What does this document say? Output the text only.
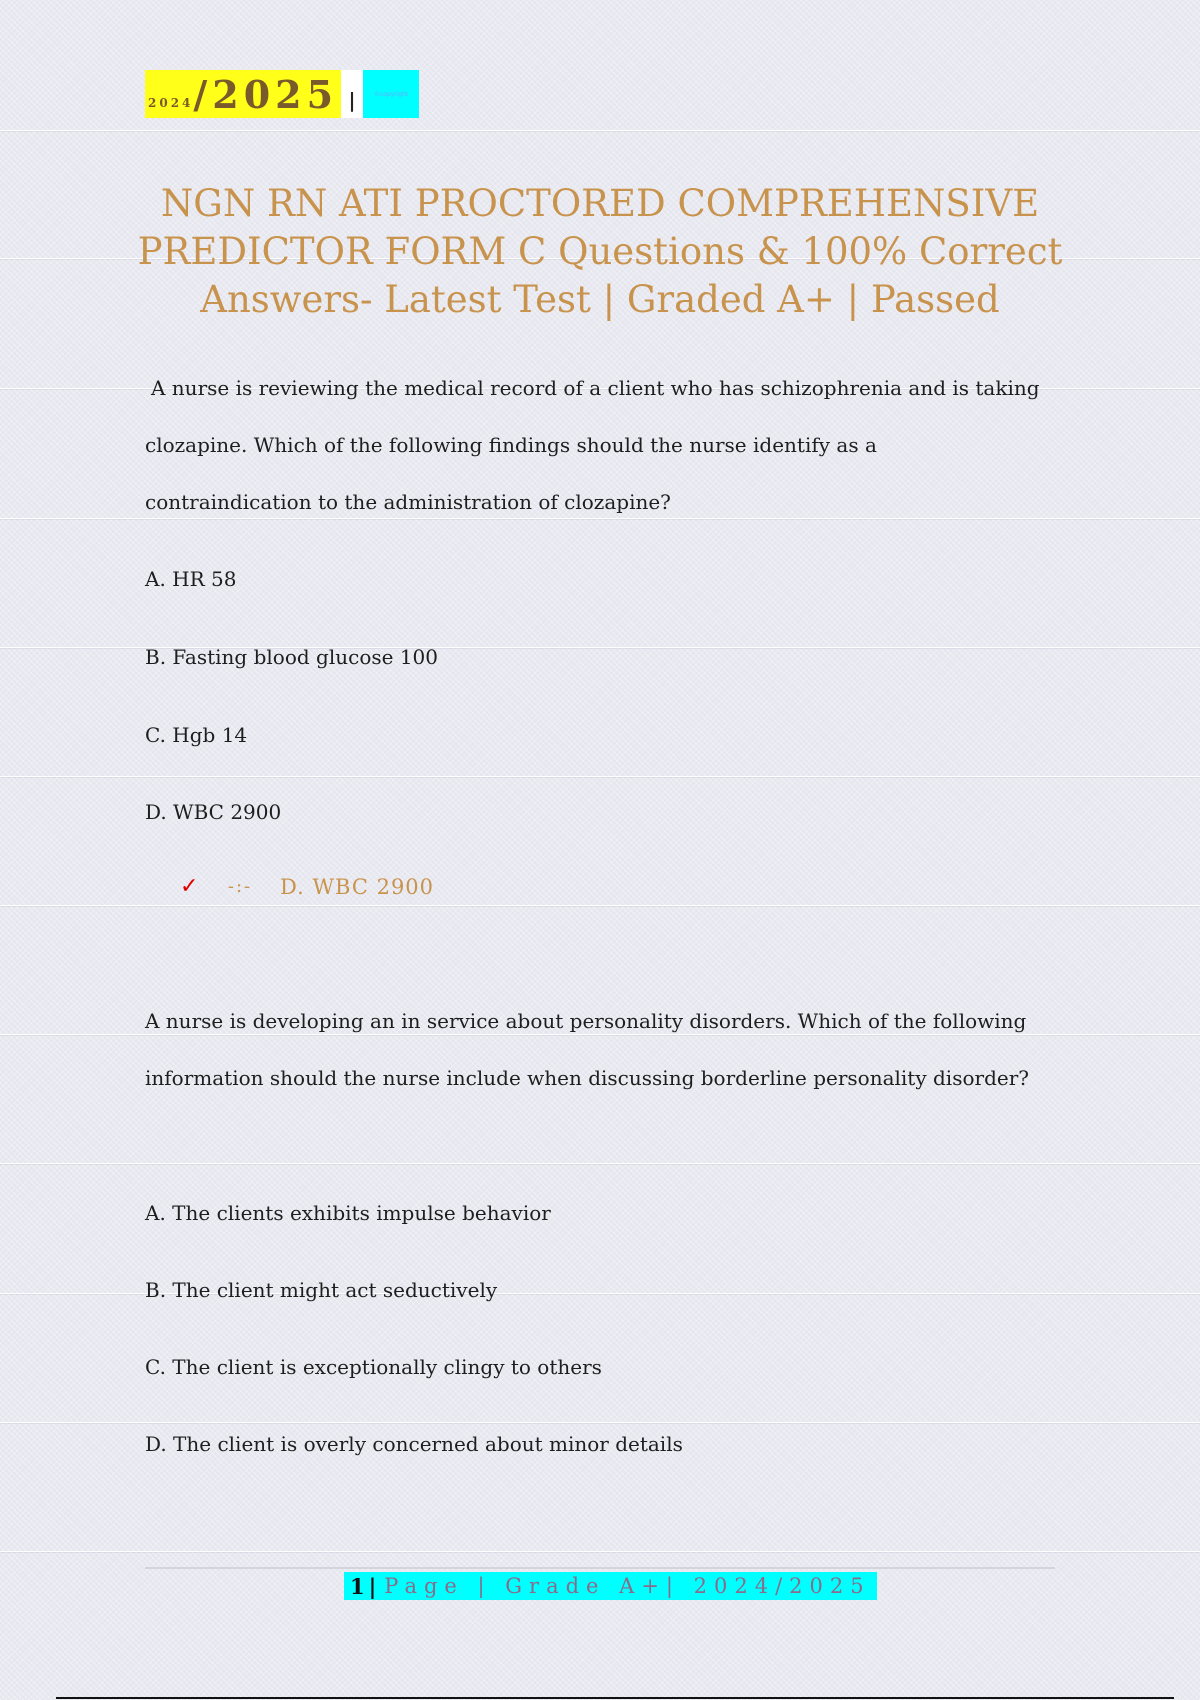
2024 /2025 |	©copyright
NGN RN ATI PROCTORED COMPREHENSIVE PREDICTOR FORM C Questions & 100% Correct Answers- Latest Test | Graded A+ | Passed

A nurse is reviewing the medical record of a client who has schizophrenia and is taking clozapine. Which of the following findings should the nurse identify as a contraindication to the administration of clozapine?

A. HR 58

B. Fasting blood glucose 100

C. Hgb 14

D. WBC 2900

✓	-:-	D. WBC 2900

A nurse is developing an in service about personality disorders. Which of the following information should the nurse include when discussing borderline personality disorder?

A. The clients exhibits impulse behavior

B. The client might act seductively

C. The client is exceptionally clingy to others

D. The client is overly concerned about minor details

1 | Page | Grade A+| 2024/2025
